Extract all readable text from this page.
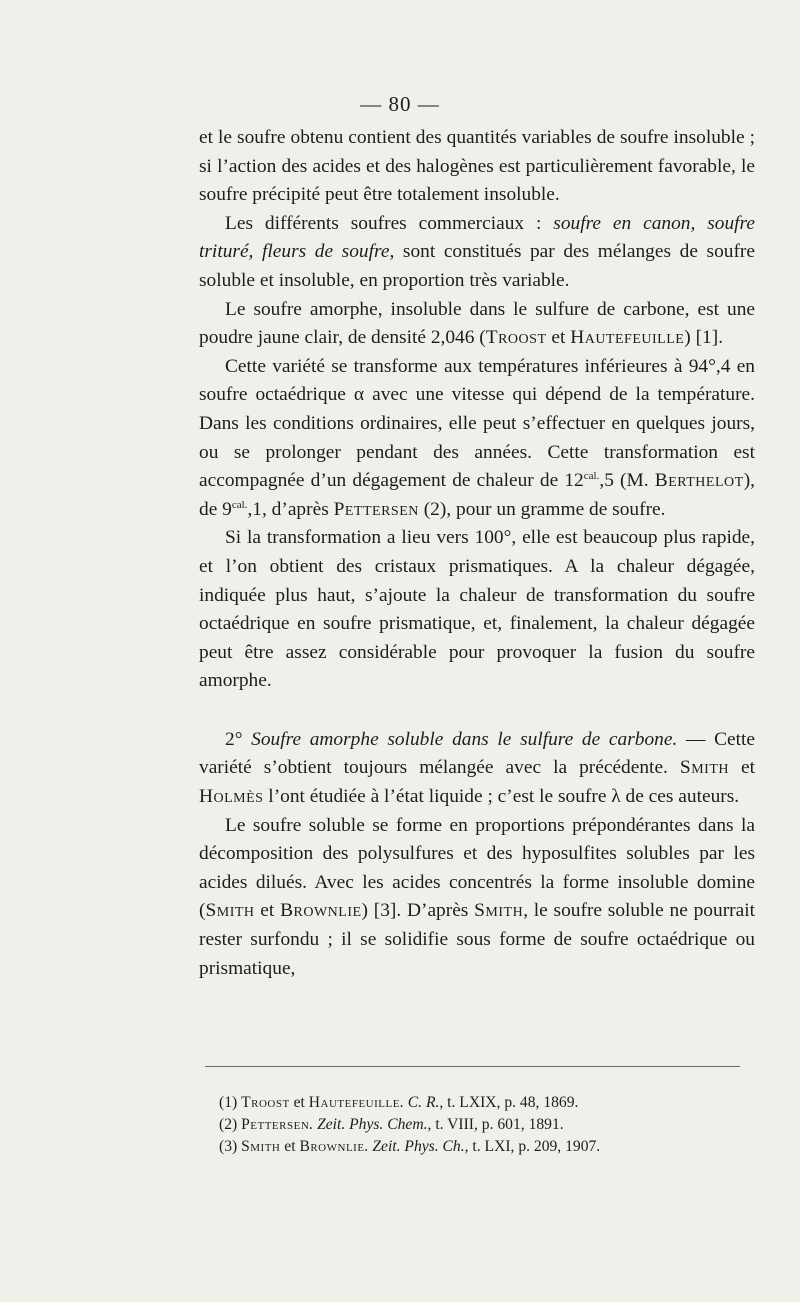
— 80 —

et le soufre obtenu contient des quantités variables de soufre insoluble ; si l’action des acides et des halogènes est particulièrement favorable, le soufre précipité peut être totalement insoluble.

Les différents soufres commerciaux : soufre en canon, soufre trituré, fleurs de soufre, sont constitués par des mélanges de soufre soluble et insoluble, en proportion très variable.

Le soufre amorphe, insoluble dans le sulfure de carbone, est une poudre jaune clair, de densité 2,046 (Troost et Hautefeuille) [1].

Cette variété se transforme aux températures inférieures à 94°,4 en soufre octaédrique α avec une vitesse qui dépend de la température. Dans les conditions ordinaires, elle peut s’effectuer en quelques jours, ou se prolonger pendant des années. Cette transformation est accompagnée d’un dégagement de chaleur de $12^{cal.},5$ (M. Berthelot), de $9^{cal.},1$, d’après Pettersen (2), pour un gramme de soufre.

Si la transformation a lieu vers 100°, elle est beaucoup plus rapide, et l’on obtient des cristaux prismatiques. A la chaleur dégagée, indiquée plus haut, s’ajoute la chaleur de transformation du soufre octaédrique en soufre prismatique, et, finalement, la chaleur dégagée peut être assez considérable pour provoquer la fusion du soufre amorphe.

2° Soufre amorphe soluble dans le sulfure de carbone. — Cette variété s’obtient toujours mélangée avec la précédente. Smith et Holmès l’ont étudiée à l’état liquide ; c’est le soufre λ de ces auteurs.

Le soufre soluble se forme en proportions prépondérantes dans la décomposition des polysulfures et des hyposulfites solubles par les acides dilués. Avec les acides concentrés la forme insoluble domine (Smith et Brownlie) [3]. D’après Smith, le soufre soluble ne pourrait rester surfondu ; il se solidifie sous forme de soufre octaédrique ou prismatique,

(1) Troost et Hautefeuille. C. R., t. LXIX, p. 48, 1869.
(2) Pettersen. Zeit. Phys. Chem., t. VIII, p. 601, 1891.
(3) Smith et Brownlie. Zeit. Phys. Ch., t. LXI, p. 209, 1907.
